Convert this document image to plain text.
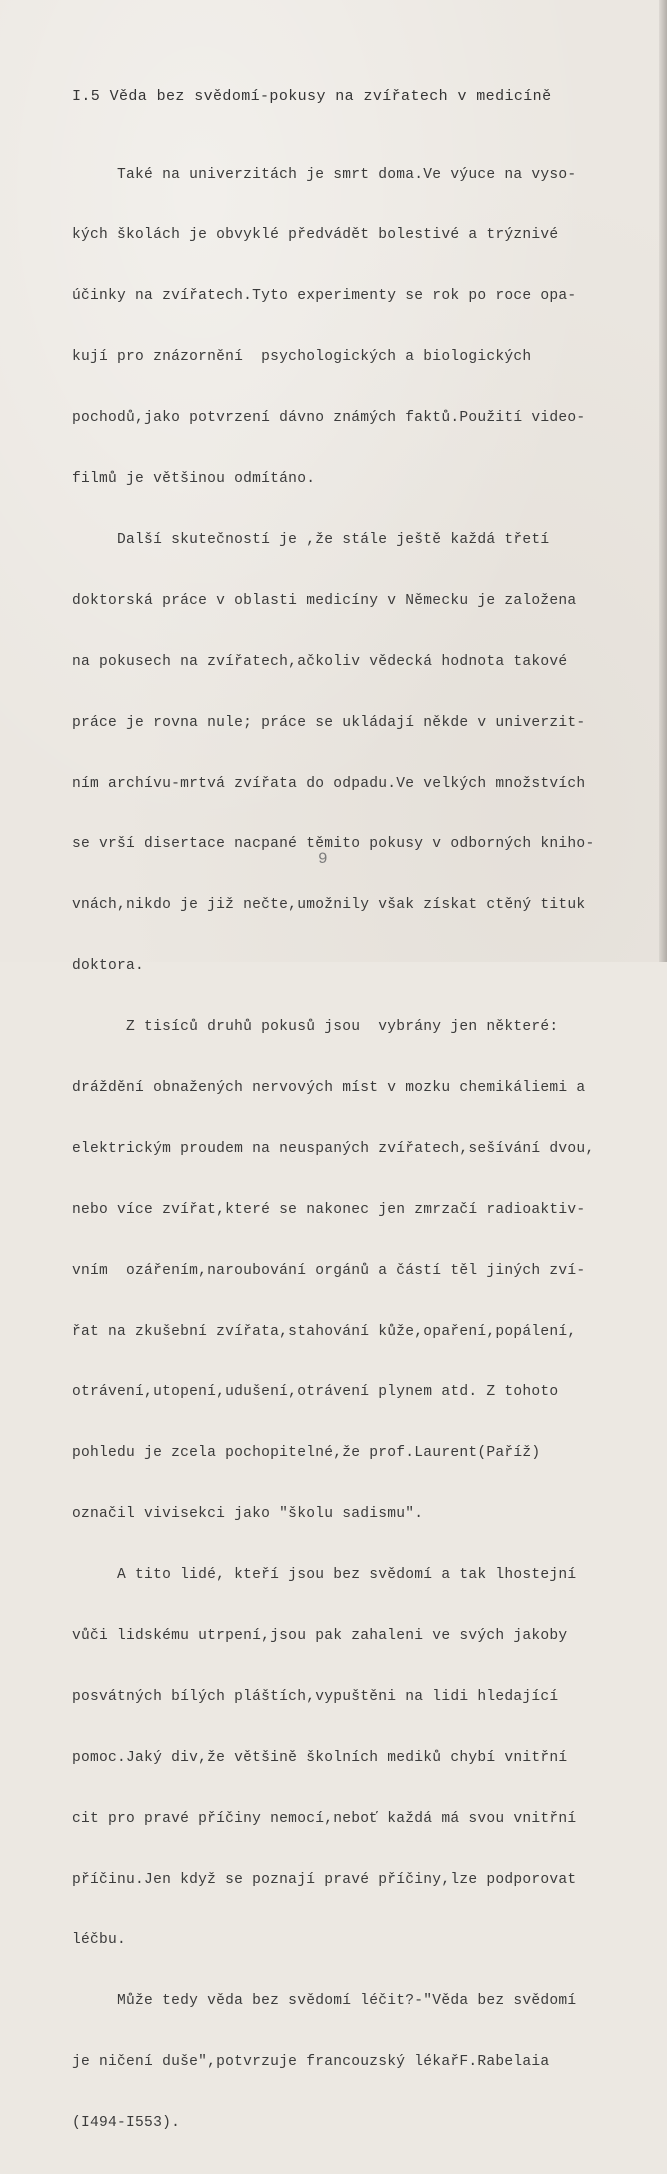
I.5 Věda bez svědomí-pokusy na zvířatech v medicíně

Také na univerzitách je smrt doma.Ve výuce na vyso-

kých školách je obvyklé předvádět bolestivé a trýznivé

účinky na zvířatech.Tyto experimenty se rok po roce opa-

kují pro znázornění  psychologických a biologických

pochodů,jako potvrzení dávno známých faktů.Použití video-

filmů je většinou odmítáno.

Další skutečností je ,že stále ještě každá třetí

doktorská práce v oblasti medicíny v Německu je založena

na pokusech na zvířatech,ačkoliv vědecká hodnota takové

práce je rovna nule; práce se ukládají někde v univerzit-

ním archívu-mrtvá zvířata do odpadu.Ve velkých množstvích

se vrší disertace nacpané těmito pokusy v odborných kniho-

vnách,nikdo je již nečte,umožnily však získat ctěný tituk

doktora.

Z tisíců druhů pokusů jsou  vybrány jen některé:

dráždění obnažených nervových míst v mozku chemikáliemi a

elektrickým proudem na neuspaných zvířatech,sešívání dvou,

nebo více zvířat,které se nakonec jen zmrzačí radioaktiv-

vním  ozářením,naroubování orgánů a částí těl jiných zví-

řat na zkušební zvířata,stahování kůže,opaření,popálení,

otrávení,utopení,udušení,otrávení plynem atd. Z tohoto

pohledu je zcela pochopitelné,že prof.Laurent(Paříž)

označil vivisekci jako "školu sadismu".

A tito lidé, kteří jsou bez svědomí a tak lhostejní

vůči lidskému utrpení,jsou pak zahaleni ve svých jakoby

posvátných bílých pláštích,vypuštěni na lidi hledající

pomoc.Jaký div,že většině školních mediků chybí vnitřní

cit pro pravé příčiny nemocí,neboť každá má svou vnitřní

příčinu.Jen když se poznají pravé příčiny,lze podporovat

léčbu.

Může tedy věda bez svědomí léčit?-"Věda bez svědomí

je ničení duše",potvrzuje francouzský lékařF.Rabelaia

(I494-I553).

9
